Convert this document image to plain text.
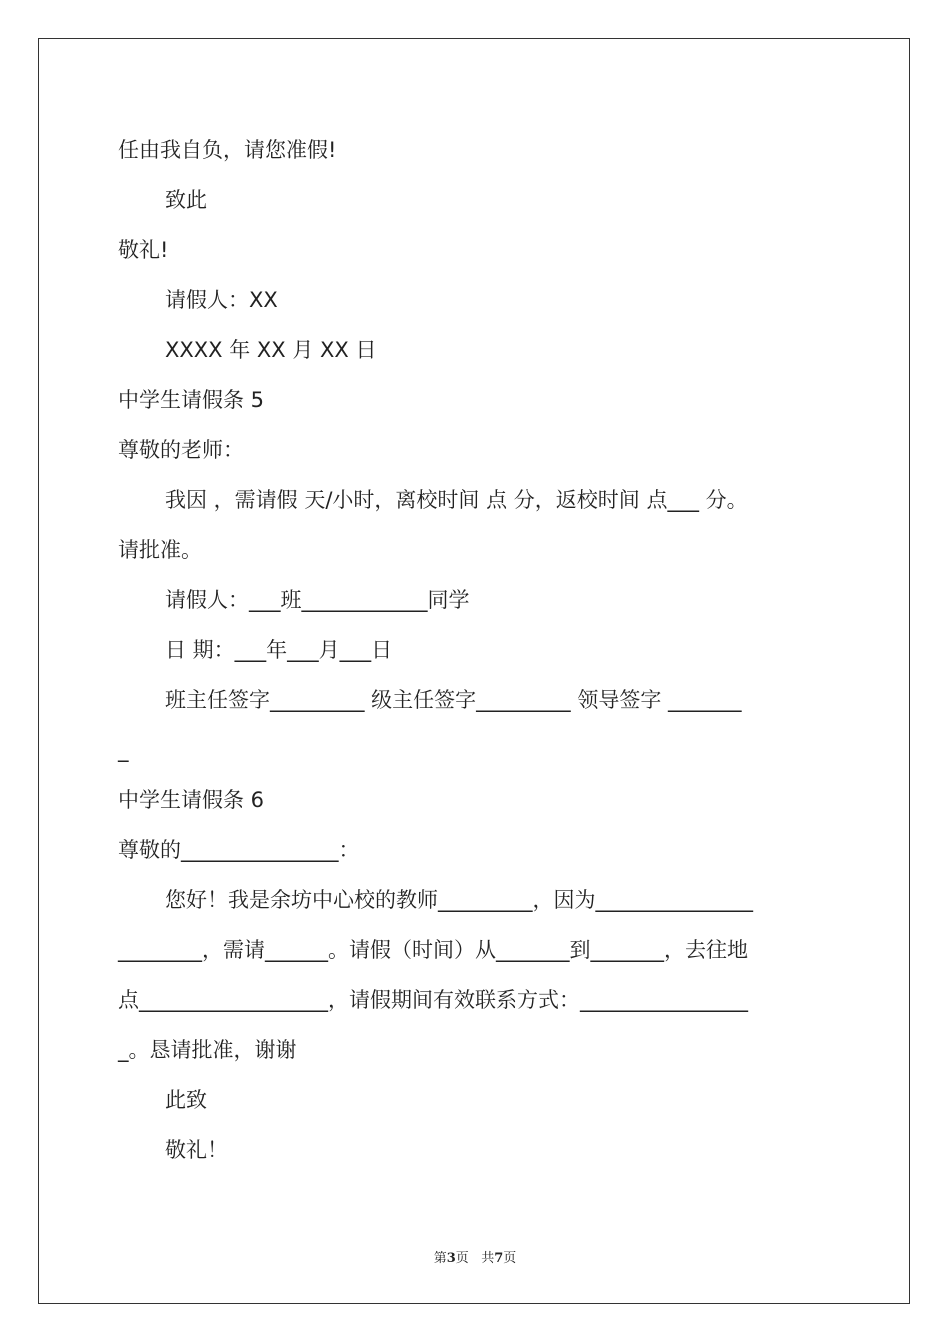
任由我自负，请您准假!
致此
敬礼!
请假人：XX
XXXX 年 XX 月 XX 日
中学生请假条 5
尊敬的老师：
我因 ，需请假 天/小时，离校时间 点 分，返校时间 点___ 分。
请批准。
请假人：___班____________同学
日 期：___年___月___日
班主任签字_________ 级主任签字_________ 领导签字 _______
_
中学生请假条 6
尊敬的_______________：
您好！我是余坊中心校的教师_________，因为_______________
________，需请______。请假（时间）从_______到_______，去往地
点__________________，请假期间有效联系方式：________________
_。恳请批准，谢谢
此致
敬礼！
第3页 共7页
